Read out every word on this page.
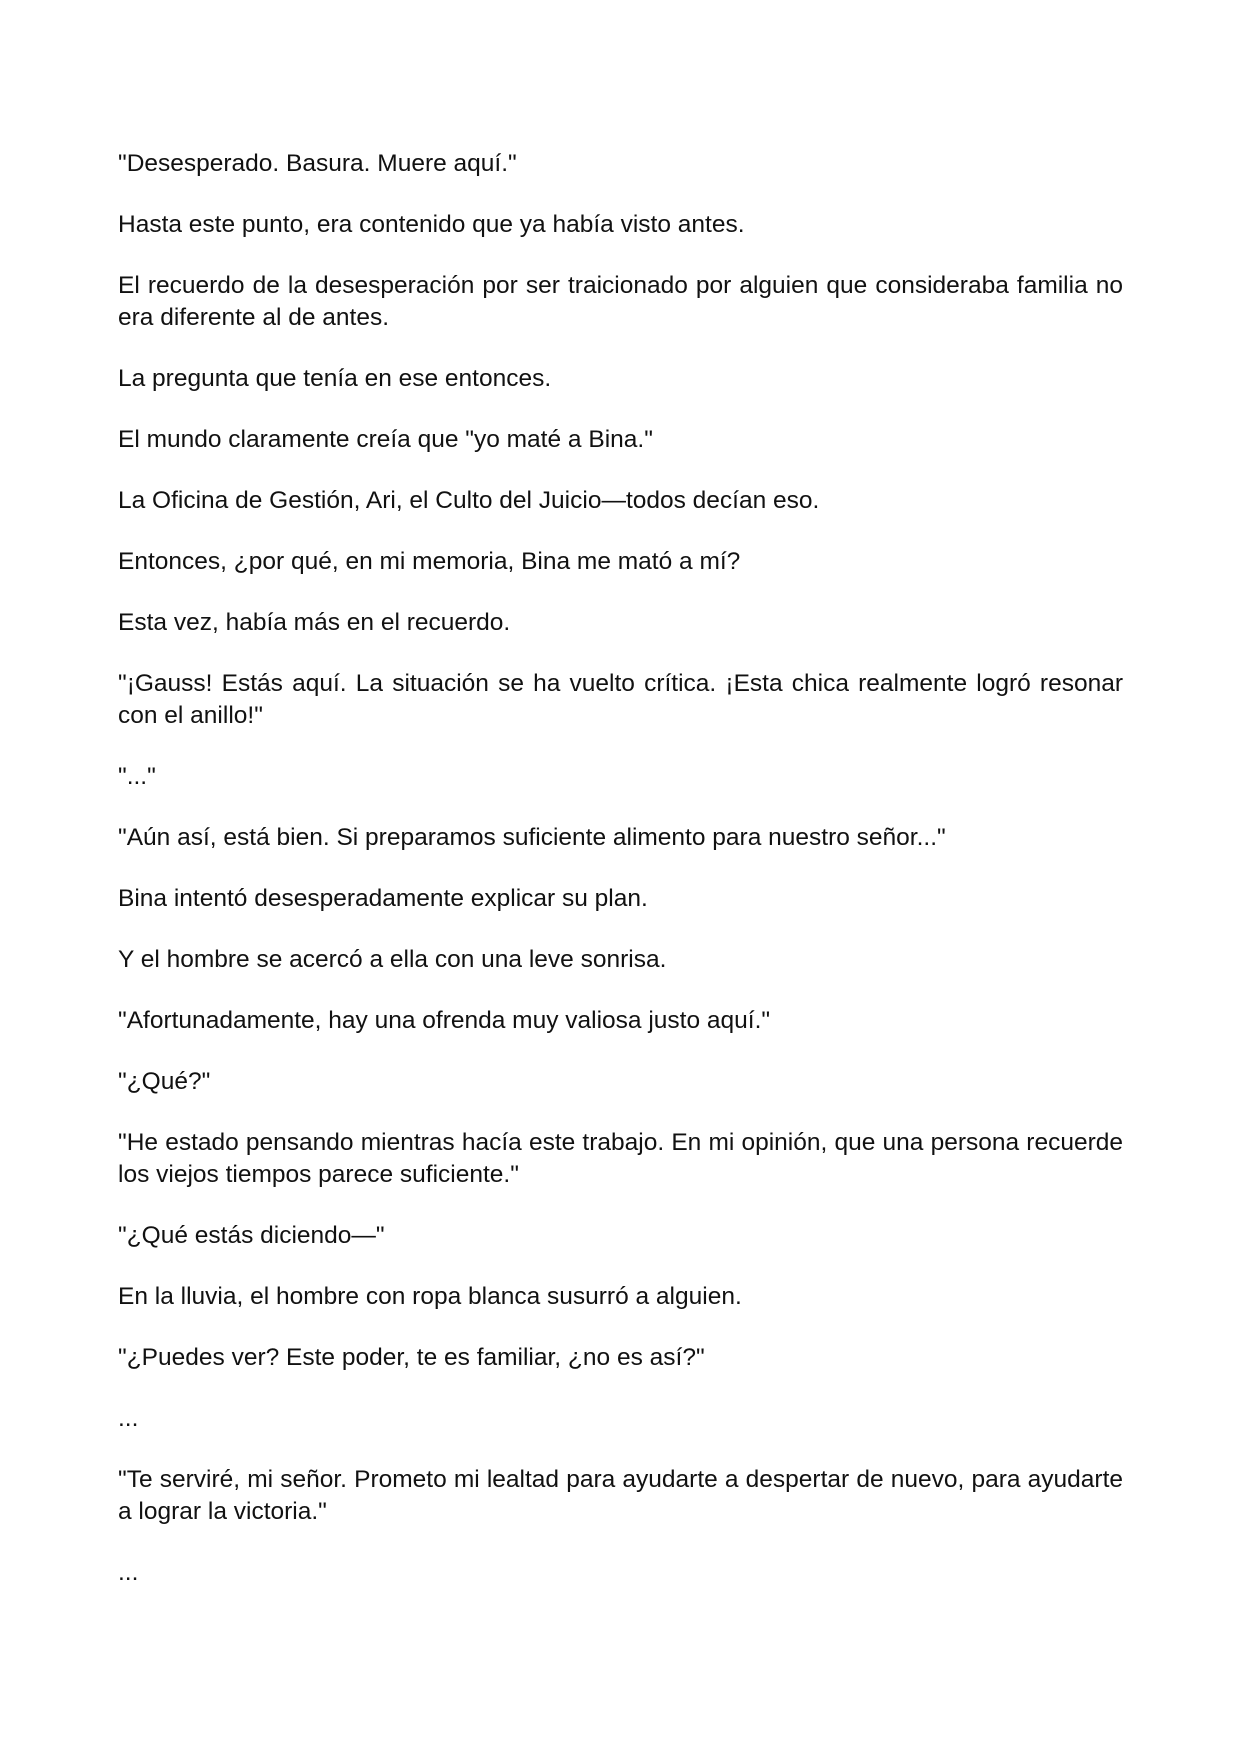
"Desesperado. Basura. Muere aquí."

Hasta este punto, era contenido que ya había visto antes.

El recuerdo de la desesperación por ser traicionado por alguien que consideraba familia no era diferente al de antes.

La pregunta que tenía en ese entonces.

El mundo claramente creía que "yo maté a Bina."

La Oficina de Gestión, Ari, el Culto del Juicio—todos decían eso.

Entonces, ¿por qué, en mi memoria, Bina me mató a mí?

Esta vez, había más en el recuerdo.

"¡Gauss! Estás aquí. La situación se ha vuelto crítica. ¡Esta chica realmente logró resonar con el anillo!"

"..."

"Aún así, está bien. Si preparamos suficiente alimento para nuestro señor..."

Bina intentó desesperadamente explicar su plan.

Y el hombre se acercó a ella con una leve sonrisa.

"Afortunadamente, hay una ofrenda muy valiosa justo aquí."

"¿Qué?"

"He estado pensando mientras hacía este trabajo. En mi opinión, que una persona recuerde los viejos tiempos parece suficiente."

"¿Qué estás diciendo—"

En la lluvia, el hombre con ropa blanca susurró a alguien.

"¿Puedes ver? Este poder, te es familiar, ¿no es así?"

...

"Te serviré, mi señor. Prometo mi lealtad para ayudarte a despertar de nuevo, para ayudarte a lograr la victoria."

...
